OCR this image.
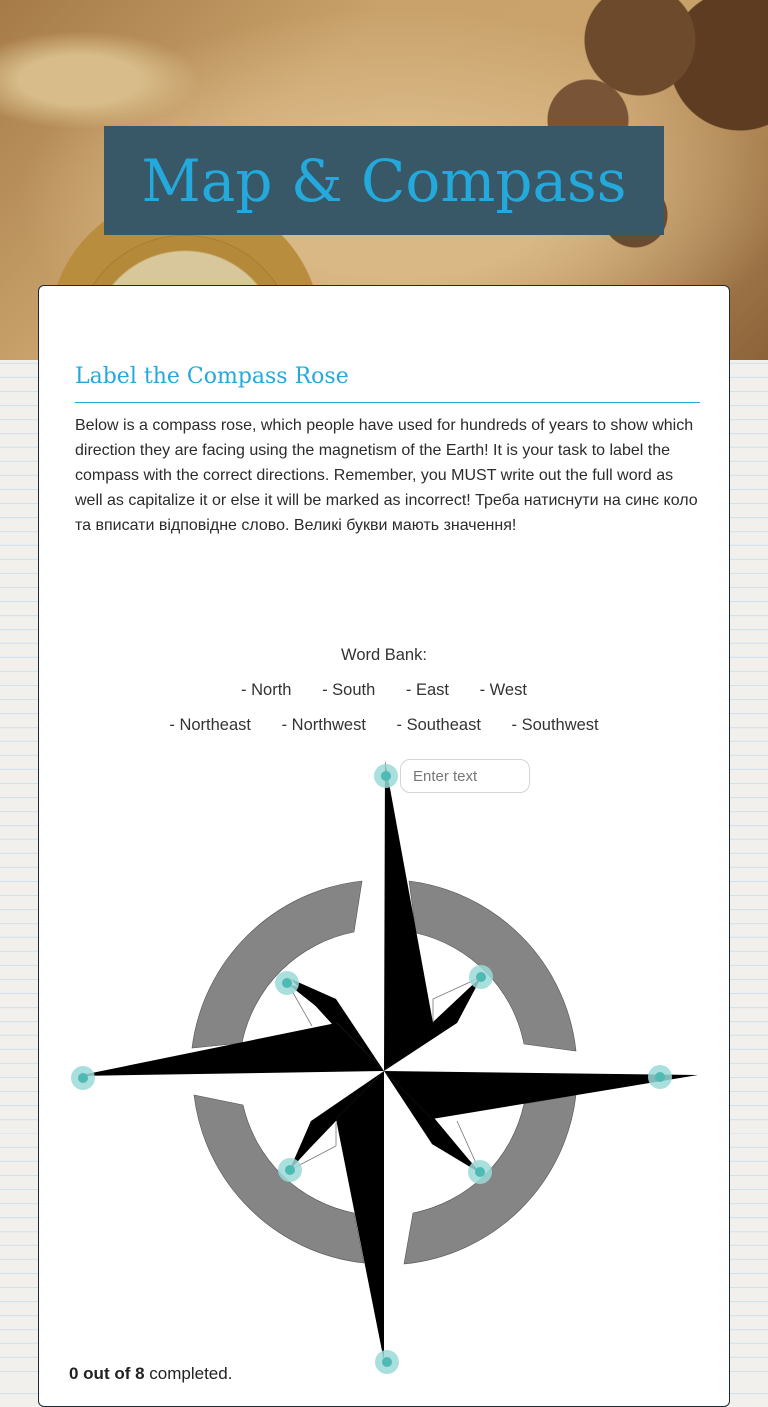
Map & Compass
Label the Compass Rose

Below is a compass rose, which people have used for hundreds of years to show which direction they are facing using the magnetism of the Earth! It is your task to label the compass with the correct directions. Remember, you MUST write out the full word as well as capitalize it or else it will be marked as incorrect! Треба натиснути на синє коло та вписати відповідне слово. Великі букви мають значення!

Word Bank:
- North - South - East - West
- Northeast - Northwest - Southeast - Southwest
Enter text
0 out of 8 completed.
